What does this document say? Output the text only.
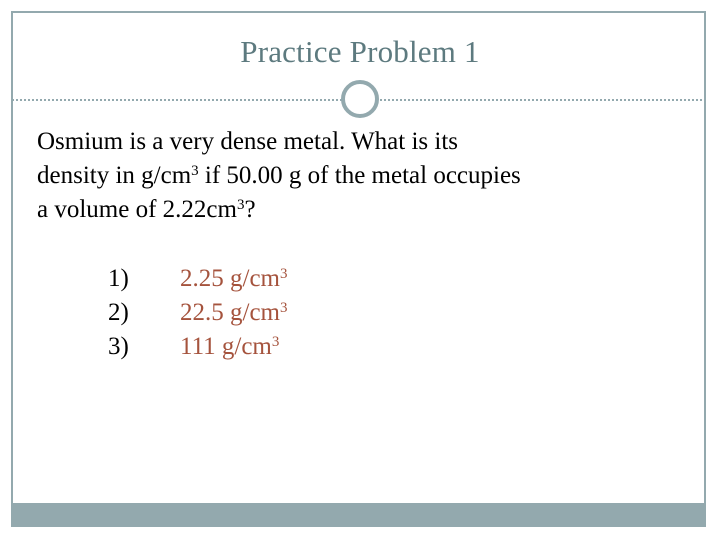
Practice Problem 1
Osmium is a very dense metal. What is its
density in $g/cm^3$ if 50.00 g of the metal occupies
a volume of $2.22cm^3$?
1)	2.25 $g/cm^3$
2)	22.5 $g/cm^3$
3)	111 $g/cm^3$
